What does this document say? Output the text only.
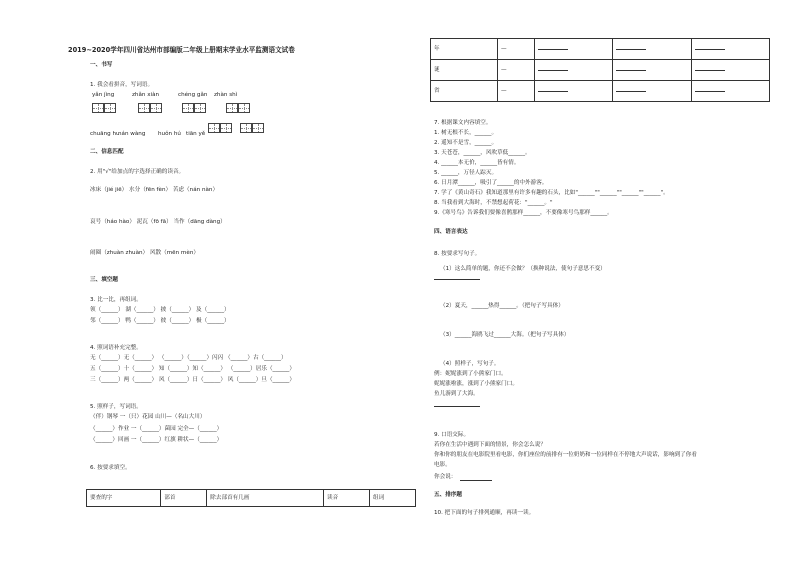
2019~2020学年四川省达州市部编版二年级上册期末学业水平监测语文试卷
一、书写
1. 我会看拼音，写词语。
yǎn jìng	zhǎn xiàn	chéng gǎn zhàn shì
chuāng hu
nán wàng huǒn hú tiān yě
二、信息匹配
2. 用"√"给加点的字选择正确的读音。
冰床（jié jiē） 水分（fēn fèn） 苦虑（nán nàn）
哀号（háo hào） 泥瓦（fō fā） 当作（dāng dàng）
闹圈（zhuàn zhuàn） 风散（mēn mèn）
三、填空题
3. 比一比，再组词。
领（______） 湖（______） 披（______） 及（______）
邻（______） 鸭（______） 彼（______） 极（______）
4. 照词语补充完整。
无（______）无（______） （______）（______）闪闪 （______）古（______）
五（______）十（______） 知（______）知（______） （______）居乐（______）
三（______）两（______） 风（______）日（______） 风（______）旦（______）
5. 照样子，写词语。
（伴）钢琴 一（只）花园 山川—（名山大川）
（______）作业 一（______）菌园 完全—（______）
（______）回画 一（______）红旗 耕状—（______）
6. 按要求填空。
要查的字	部首	除去部首有几画	读音	组词
年	—			
谜	—			
省	—			
7. 根据课文内容填空。
1. 树无根不长，______。
2. 遥知不是雪，______。
3. 天苍苍，______，风吹草低______。
4. ______本无价，______皆有情。
5. ______，万径人踪灭。
6. 日月潭______，吸引了______的中外游客。
7. 学了《黄山奇石》我知道那里有许多有趣的石头，比如"______""______""______""______"。
8. 当我看到大海时，不禁想起荷花："______。"
9.《寒号鸟》告诉我们要像喜鹊那样______，不要像寒号鸟那样______。
四、语言表达
8. 按要求写句子。
（1）这么简单的题，你还不会做？（换种说法，使句子意思不变）
（2）夏天，______热得______。（把句子写具体）
（3）______海鸥飞过______大海。（把句子写具体）
（4）照样子，写句子。
例：妮妮涨到了小熊家门口。
妮妮涨啦涨，涨到了小熊家门口。
鱼儿游到了大海。
9. 口语交际。
若你在生活中遇到下面的情景，你会怎么说？
你和你的朋友在电影院里看电影，你们座位的前排有一位奶奶和一位同样在不停地大声说话，影响到了你看
电影。
你会说：
五、排序题
10. 把下面的句子排列通顺，再读一读。
